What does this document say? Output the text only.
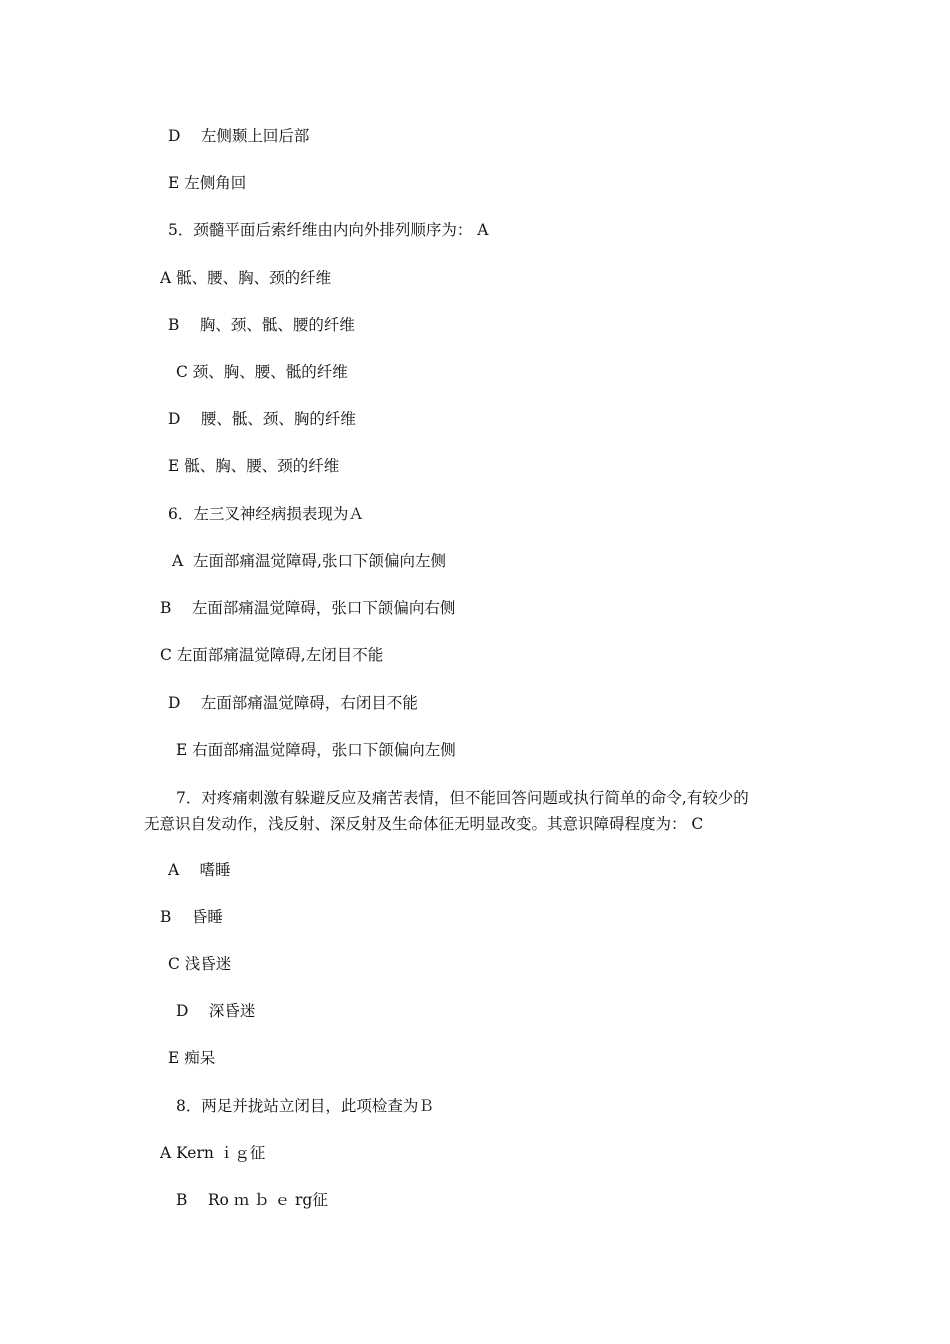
D　 左侧颞上回后部

E 左侧角回

5．颈髓平面后索纤维由内向外排列顺序为： A

A 骶、腰、胸、颈的纤维

B　 胸、颈、骶、腰的纤维

C 颈、胸、腰、骶的纤维

D　 腰、骶、颈、胸的纤维

E 骶、胸、腰、颈的纤维

6．左三叉神经病损表现为Ａ

A  左面部痛温觉障碍,张口下颌偏向左侧

B　 左面部痛温觉障碍，张口下颌偏向右侧

C 左面部痛温觉障碍,左闭目不能

D　 左面部痛温觉障碍，右闭目不能

E 右面部痛温觉障碍，张口下颌偏向左侧

7．对疼痛刺激有躲避反应及痛苦表情，但不能回答问题或执行简单的命令,有较少的

无意识自发动作，浅反射、深反射及生命体征无明显改变。其意识障碍程度为： C

A　 嗜睡

B　 昏睡

C 浅昏迷

D　 深昏迷

E 痴呆

8．两足并拢站立闭目，此项检查为Ｂ

A Kern ｉｇ征

B　 Ro ｍ ｂ ｅ rg征
